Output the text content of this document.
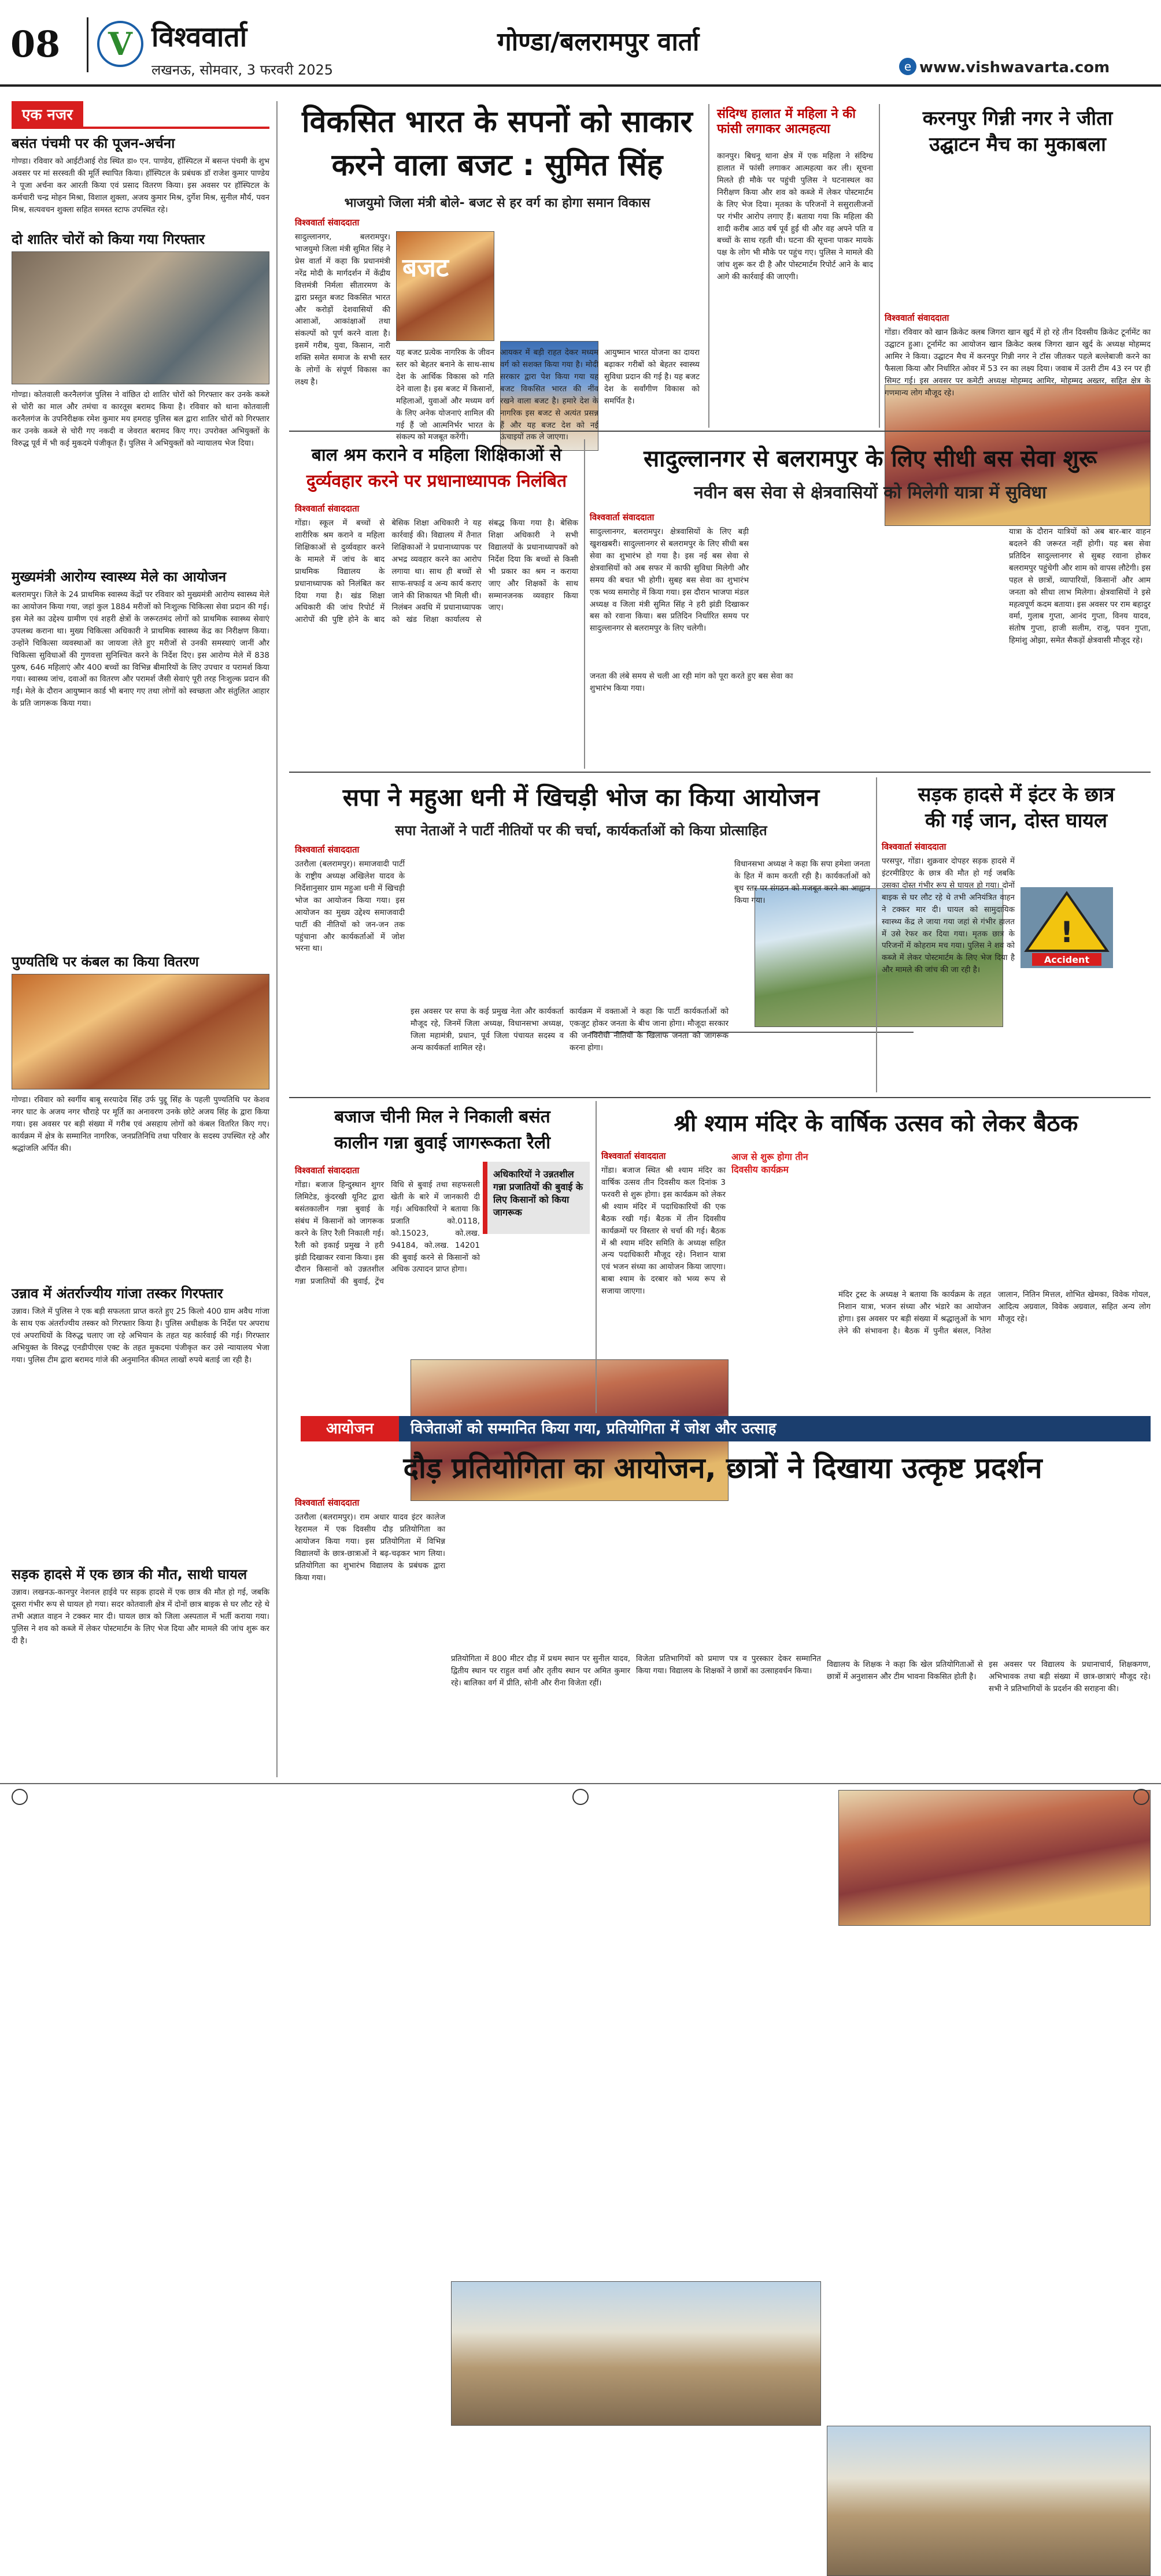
08 V विश्ववार्ता
लखनऊ, सोमवार, 3 फरवरी 2025
गोण्डा/बलरामपुर वार्ता
e www.vishwavarta.com
एक नजर
बसंत पंचमी पर की पूजन-अर्चना
गोण्डा। रविवार को आईटीआई रोड स्थित डा० एन. पाण्डेय, हॉस्पिटल में बसन्त पंचमी के शुभ अवसर पर मां सरस्वती की मूर्ति स्थापित किया। हॉस्पिटल के प्रबंधक डॉ राजेश कुमार पाण्डेय ने पूजा अर्चना कर आरती किया एवं प्रसाद वितरण किया। इस अवसर पर हॉस्पिटल के कर्मचारी चन्द्र मोहन मिश्रा, विशाल शुक्ला, अजय कुमार मिश्र, दुर्गेश मिश्र, सुनील मौर्य, पवन मिश्र, सत्यवचन शुक्ला सहित समस्त स्टाफ उपस्थित रहे।
दो शातिर चोरों को किया गया गिरफ्तार
गोण्डा। कोतवाली करनैलगंज पुलिस ने वांछित दो शातिर चोरों को गिरफ्तार कर उनके कब्जे से चोरी का माल और तमंचा व कारतूस बरामद किया है। रविवार को थाना कोतवाली करनैलगंज के उपनिरीक्षक रमेश कुमार मय हमराह पुलिस बल द्वारा शातिर चोरों को गिरफ्तार कर उनके कब्जे से चोरी गए नकदी व जेवरात बरामद किए गए। उपरोक्त अभियुक्तों के विरुद्ध पूर्व में भी कई मुकदमे पंजीकृत हैं। पुलिस ने अभियुक्तों को न्यायालय भेज दिया।
मुख्यमंत्री आरोग्य स्वास्थ्य मेले का आयोजन
बलरामपुर। जिले के 24 प्राथमिक स्वास्थ्य केंद्रों पर रविवार को मुख्यमंत्री आरोग्य स्वास्थ्य मेले का आयोजन किया गया, जहां कुल 1884 मरीजों को निःशुल्क चिकित्सा सेवा प्रदान की गई। इस मेले का उद्देश्य ग्रामीण एवं शहरी क्षेत्रों के जरूरतमंद लोगों को प्राथमिक स्वास्थ्य सेवाएं उपलब्ध कराना था। मुख्य चिकित्सा अधिकारी ने प्राथमिक स्वास्थ्य केंद्र का निरीक्षण किया। उन्होंने चिकित्सा व्यवस्थाओं का जायजा लेते हुए मरीजों से उनकी समस्याएं जानीं और चिकित्सा सुविधाओं की गुणवत्ता सुनिश्चित करने के निर्देश दिए। इस आरोग्य मेले में 838 पुरुष, 646 महिलाएं और 400 बच्चों का विभिन्न बीमारियों के लिए उपचार व परामर्श किया गया। स्वास्थ्य जांच, दवाओं का वितरण और परामर्श जैसी सेवाएं पूरी तरह निःशुल्क प्रदान की गईं। मेले के दौरान आयुष्मान कार्ड भी बनाए गए तथा लोगों को स्वच्छता और संतुलित आहार के प्रति जागरूक किया गया।
पुण्यतिथि पर कंबल का किया वितरण
गोण्डा। रविवार को स्वर्गीय बाबू सरयादेव सिंह उर्फ पुद्दू सिंह के पहली पुण्यतिथि पर केशव नगर घाट के अजय नगर चौराहे पर मूर्ति का अनावरण उनके छोटे अजय सिंह के द्वारा किया गया। इस अवसर पर बड़ी संख्या में गरीब एवं असहाय लोगों को कंबल वितरित किए गए। कार्यक्रम में क्षेत्र के सम्मानित नागरिक, जनप्रतिनिधि तथा परिवार के सदस्य उपस्थित रहे और श्रद्धांजलि अर्पित की।
उन्नाव में अंतर्राज्यीय गांजा तस्कर गिरफ्तार
उन्नाव। जिले में पुलिस ने एक बड़ी सफलता प्राप्त करते हुए 25 किलो 400 ग्राम अवैध गांजा के साथ एक अंतर्राज्यीय तस्कर को गिरफ्तार किया है। पुलिस अधीक्षक के निर्देश पर अपराध एवं अपराधियों के विरुद्ध चलाए जा रहे अभियान के तहत यह कार्रवाई की गई। गिरफ्तार अभियुक्त के विरुद्ध एनडीपीएस एक्ट के तहत मुकदमा पंजीकृत कर उसे न्यायालय भेजा गया। पुलिस टीम द्वारा बरामद गांजे की अनुमानित कीमत लाखों रुपये बताई जा रही है।
सड़क हादसे में एक छात्र की मौत, साथी घायल
उन्नाव। लखनऊ-कानपुर नेशनल हाईवे पर सड़क हादसे में एक छात्र की मौत हो गई, जबकि दूसरा गंभीर रूप से घायल हो गया। सदर कोतवाली क्षेत्र में दोनों छात्र बाइक से घर लौट रहे थे तभी अज्ञात वाहन ने टक्कर मार दी। घायल छात्र को जिला अस्पताल में भर्ती कराया गया। पुलिस ने शव को कब्जे में लेकर पोस्टमार्टम के लिए भेज दिया और मामले की जांच शुरू कर दी है।
विकसित भारत के सपनों को साकार
करने वाला बजट : सुमित सिंह
भाजयुमो जिला मंत्री बोले- बजट से हर वर्ग का होगा समान विकास
विश्ववार्ता संवाददाता
सादुल्लानगर, बलरामपुर। भाजयुमो जिला मंत्री सुमित सिंह ने प्रेस वार्ता में कहा कि प्रधानमंत्री नरेंद्र मोदी के मार्गदर्शन में केंद्रीय वित्तमंत्री निर्मला सीतारमण के द्वारा प्रस्तुत बजट विकसित भारत और करोड़ों देशवासियों की आशाओं, आकांक्षाओं तथा संकल्पों को पूर्ण करने वाला है। इसमें गरीब, युवा, किसान, नारी शक्ति समेत समाज के सभी स्तर के लोगों के संपूर्ण विकास का लक्ष्य है।
बजट
यह बजट प्रत्येक नागरिक के जीवन स्तर को बेहतर बनाने के साथ-साथ देश के आर्थिक विकास को गति देने वाला है। इस बजट में किसानों, महिलाओं, युवाओं और मध्यम वर्ग के लिए अनेक योजनाएं शामिल की गई हैं जो आत्मनिर्भर भारत के संकल्प को मजबूत करेंगी।
आयकर में बड़ी राहत देकर मध्यम वर्ग को सशक्त किया गया है। मोदी सरकार द्वारा पेश किया गया यह बजट विकसित भारत की नींव रखने वाला बजट है। हमारे देश के नागरिक इस बजट से अत्यंत प्रसन्न हैं और यह बजट देश को नई ऊंचाइयों तक ले जाएगा।
आयुष्मान भारत योजना का दायरा बढ़ाकर गरीबों को बेहतर स्वास्थ्य सुविधा प्रदान की गई है। यह बजट देश के सर्वांगीण विकास को समर्पित है।
संदिग्ध हालात में महिला ने की फांसी लगाकर आत्महत्या
कानपुर। बिधनू थाना क्षेत्र में एक महिला ने संदिग्ध हालात में फांसी लगाकर आत्महत्या कर ली। सूचना मिलते ही मौके पर पहुंची पुलिस ने घटनास्थल का निरीक्षण किया और शव को कब्जे में लेकर पोस्टमार्टम के लिए भेज दिया। मृतका के परिजनों ने ससुरालीजनों पर गंभीर आरोप लगाए हैं। बताया गया कि महिला की शादी करीब आठ वर्ष पूर्व हुई थी और वह अपने पति व बच्चों के साथ रहती थी। घटना की सूचना पाकर मायके पक्ष के लोग भी मौके पर पहुंच गए। पुलिस ने मामले की जांच शुरू कर दी है और पोस्टमार्टम रिपोर्ट आने के बाद आगे की कार्रवाई की जाएगी।
करनपुर गिन्नी नगर ने जीता
उद्घाटन मैच का मुकाबला
विश्ववार्ता संवाददाता
गोंडा। रविवार को खान क्रिकेट क्लब जिगरा खान खुर्द में हो रहे तीन दिवसीय क्रिकेट टूर्नामेंट का उद्घाटन हुआ। टूर्नामेंट का आयोजन खान क्रिकेट क्लब जिगरा खान खुर्द के अध्यक्ष मोहम्मद आमिर ने किया। उद्घाटन मैच में करनपुर गिन्नी नगर ने टॉस जीतकर पहले बल्लेबाजी करने का फैसला किया और निर्धारित ओवर में 53 रन का लक्ष्य दिया। जवाब में उतरी टीम 43 रन पर ही सिमट गई। इस अवसर पर कमेटी अध्यक्ष मोहम्मद आमिर, मोहम्मद अख्तर, सहित क्षेत्र के गणमान्य लोग मौजूद रहे।
बाल श्रम कराने व महिला शिक्षिकाओं से
दुर्व्यवहार करने पर प्रधानाध्यापक निलंबित
विश्ववार्ता संवाददाता
गोंडा। स्कूल में बच्चों से शारीरिक श्रम कराने व महिला शिक्षिकाओं से दुर्व्यवहार करने के मामले में जांच के बाद प्राथमिक विद्यालय के प्रधानाध्यापक को निलंबित कर दिया गया है। खंड शिक्षा अधिकारी की जांच रिपोर्ट में आरोपों की पुष्टि होने के बाद बेसिक शिक्षा अधिकारी ने यह कार्रवाई की। विद्यालय में तैनात शिक्षिकाओं ने प्रधानाध्यापक पर अभद्र व्यवहार करने का आरोप लगाया था। साथ ही बच्चों से साफ-सफाई व अन्य कार्य कराए जाने की शिकायत भी मिली थी। निलंबन अवधि में प्रधानाध्यापक को खंड शिक्षा कार्यालय से संबद्ध किया गया है। बेसिक शिक्षा अधिकारी ने सभी विद्यालयों के प्रधानाध्यापकों को निर्देश दिया कि बच्चों से किसी भी प्रकार का श्रम न कराया जाए और शिक्षकों के साथ सम्मानजनक व्यवहार किया जाए।
सादुल्लानगर से बलरामपुर के लिए सीधी बस सेवा शुरू
नवीन बस सेवा से क्षेत्रवासियों को मिलेगी यात्रा में सुविधा
विश्ववार्ता संवाददाता
सादुल्लानगर, बलरामपुर। क्षेत्रवासियों के लिए बड़ी खुशखबरी। सादुल्लानगर से बलरामपुर के लिए सीधी बस सेवा का शुभारंभ हो गया है। इस नई बस सेवा से क्षेत्रवासियों को अब सफर में काफी सुविधा मिलेगी और समय की बचत भी होगी। सुबह बस सेवा का शुभारंभ एक भव्य समारोह में किया गया। इस दौरान भाजपा मंडल अध्यक्ष व जिला मंत्री सुमित सिंह ने हरी झंडी दिखाकर बस को रवाना किया। बस प्रतिदिन निर्धारित समय पर सादुल्लानगर से बलरामपुर के लिए चलेगी।
जनता की लंबे समय से चली आ रही मांग को पूरा करते हुए बस सेवा का शुभारंभ किया गया।
यात्रा के दौरान यात्रियों को अब बार-बार वाहन बदलने की जरूरत नहीं होगी। यह बस सेवा प्रतिदिन सादुल्लानगर से सुबह रवाना होकर बलरामपुर पहुंचेगी और शाम को वापस लौटेगी। इस पहल से छात्रों, व्यापारियों, किसानों और आम जनता को सीधा लाभ मिलेगा। क्षेत्रवासियों ने इसे महत्वपूर्ण कदम बताया। इस अवसर पर राम बहादुर वर्मा, गुलाब गुप्ता, आनंद गुप्ता, विनय यादव, संतोष गुप्ता, हाजी सलीम, राजू, पवन गुप्ता, हिमांशु ओझा, समेत सैकड़ों क्षेत्रवासी मौजूद रहे।
सपा ने महुआ धनी में खिचड़ी भोज का किया आयोजन
सपा नेताओं ने पार्टी नीतियों पर की चर्चा, कार्यकर्ताओं को किया प्रोत्साहित
विश्ववार्ता संवाददाता
उतरौला (बलरामपुर)। समाजवादी पार्टी के राष्ट्रीय अध्यक्ष अखिलेश यादव के निर्देशानुसार ग्राम महुआ धनी में खिचड़ी भोज का आयोजन किया गया। इस आयोजन का मुख्य उद्देश्य समाजवादी पार्टी की नीतियों को जन-जन तक पहुंचाना और कार्यकर्ताओं में जोश भरना था।
इस अवसर पर सपा के कई प्रमुख नेता और कार्यकर्ता मौजूद रहे, जिनमें जिला अध्यक्ष, विधानसभा अध्यक्ष, जिला महामंत्री, प्रधान, पूर्व जिला पंचायत सदस्य व अन्य कार्यकर्ता शामिल रहे।
कार्यक्रम में वक्ताओं ने कहा कि पार्टी कार्यकर्ताओं को एकजुट होकर जनता के बीच जाना होगा। मौजूदा सरकार की जनविरोधी नीतियों के खिलाफ जनता को जागरूक करना होगा।
विधानसभा अध्यक्ष ने कहा कि सपा हमेशा जनता के हित में काम करती रही है। कार्यकर्ताओं को बूथ स्तर पर संगठन को मजबूत करने का आह्वान किया गया।
सड़क हादसे में इंटर के छात्र
की गई जान, दोस्त घायल
विश्ववार्ता संवाददाता
परसपुर, गोंडा। शुक्रवार दोपहर सड़क हादसे में इंटरमीडिएट के छात्र की मौत हो गई जबकि उसका दोस्त गंभीर रूप से घायल हो गया। दोनों बाइक से घर लौट रहे थे तभी अनियंत्रित वाहन ने टक्कर मार दी। घायल को सामुदायिक स्वास्थ्य केंद्र ले जाया गया जहां से गंभीर हालत में उसे रेफर कर दिया गया। मृतक छात्र के परिजनों में कोहराम मच गया। पुलिस ने शव को कब्जे में लेकर पोस्टमार्टम के लिए भेज दिया है और मामले की जांच की जा रही है।
!
Accident
बजाज चीनी मिल ने निकाली बसंत
कालीन गन्ना बुवाई जागरूकता रैली
विश्ववार्ता संवाददाता	अधिकारियों ने उन्नतशील गन्ना प्रजातियों की बुवाई के लिए किसानों को किया जागरूक
गोंडा। बजाज हिन्दुस्थान शुगर लिमिटेड, कुंदरखी यूनिट द्वारा बसंतकालीन गन्ना बुवाई के संबंध में किसानों को जागरूक करने के लिए रैली निकाली गई। रैली को इकाई प्रमुख ने हरी झंडी दिखाकर रवाना किया। इस दौरान किसानों को उन्नतशील गन्ना प्रजातियों की बुवाई, ट्रेंच विधि से बुवाई तथा सहफसली खेती के बारे में जानकारी दी गई। अधिकारियों ने बताया कि प्रजाति को.0118, को.15023, को.लख. 94184, को.लख. 14201 की बुवाई करने से किसानों को अधिक उत्पादन प्राप्त होगा।
श्री श्याम मंदिर के वार्षिक उत्सव को लेकर बैठक
विश्ववार्ता संवाददाता	आज से शुरू होगा तीन दिवसीय कार्यक्रम
गोंडा। बजाज स्थित श्री श्याम मंदिर का वार्षिक उत्सव तीन दिवसीय कल दिनांक 3 फरवरी से शुरू होगा। इस कार्यक्रम को लेकर श्री श्याम मंदिर में पदाधिकारियों की एक बैठक रखी गई। बैठक में तीन दिवसीय कार्यक्रमों पर विस्तार से चर्चा की गई। बैठक में श्री श्याम मंदिर समिति के अध्यक्ष सहित अन्य पदाधिकारी मौजूद रहे। निशान यात्रा एवं भजन संध्या का आयोजन किया जाएगा। बाबा श्याम के दरबार को भव्य रूप से सजाया जाएगा।	मंदिर ट्रस्ट के अध्यक्ष ने बताया कि कार्यक्रम के तहत निशान यात्रा, भजन संध्या और भंडारे का आयोजन होगा। इस अवसर पर बड़ी संख्या में श्रद्धालुओं के भाग लेने की संभावना है। बैठक में पुनीत बंसल, नितेश जालान, नितिन मित्तल, शोभित खेमका, विवेक गोयल, आदित्य अग्रवाल, विवेक अग्रवाल, सहित अन्य लोग मौजूद रहे।
आयोजन	विजेताओं को सम्मानित किया गया, प्रतियोगिता में जोश और उत्साह
दौड़ प्रतियोगिता का आयोजन, छात्रों ने दिखाया उत्कृष्ट प्रदर्शन
विश्ववार्ता संवाददाता
उतरौला (बलरामपुर)। राम अधार यादव इंटर कालेज रेहरामल में एक दिवसीय दौड़ प्रतियोगिता का आयोजन किया गया। इस प्रतियोगिता में विभिन्न विद्यालयों के छात्र-छात्राओं ने बढ़-चढ़कर भाग लिया। प्रतियोगिता का शुभारंभ विद्यालय के प्रबंधक द्वारा किया गया।
प्रतियोगिता में 800 मीटर दौड़ में प्रथम स्थान पर सुनील यादव, द्वितीय स्थान पर राहुल वर्मा और तृतीय स्थान पर अमित कुमार रहे। बालिका वर्ग में प्रीति, सोनी और रीना विजेता रहीं।
विजेता प्रतिभागियों को प्रमाण पत्र व पुरस्कार देकर सम्मानित किया गया। विद्यालय के शिक्षकों ने छात्रों का उत्साहवर्धन किया।
विद्यालय के शिक्षक ने कहा कि खेल प्रतियोगिताओं से छात्रों में अनुशासन और टीम भावना विकसित होती है।
इस अवसर पर विद्यालय के प्रधानाचार्य, शिक्षकगण, अभिभावक तथा बड़ी संख्या में छात्र-छात्राएं मौजूद रहे। सभी ने प्रतिभागियों के प्रदर्शन की सराहना की।
